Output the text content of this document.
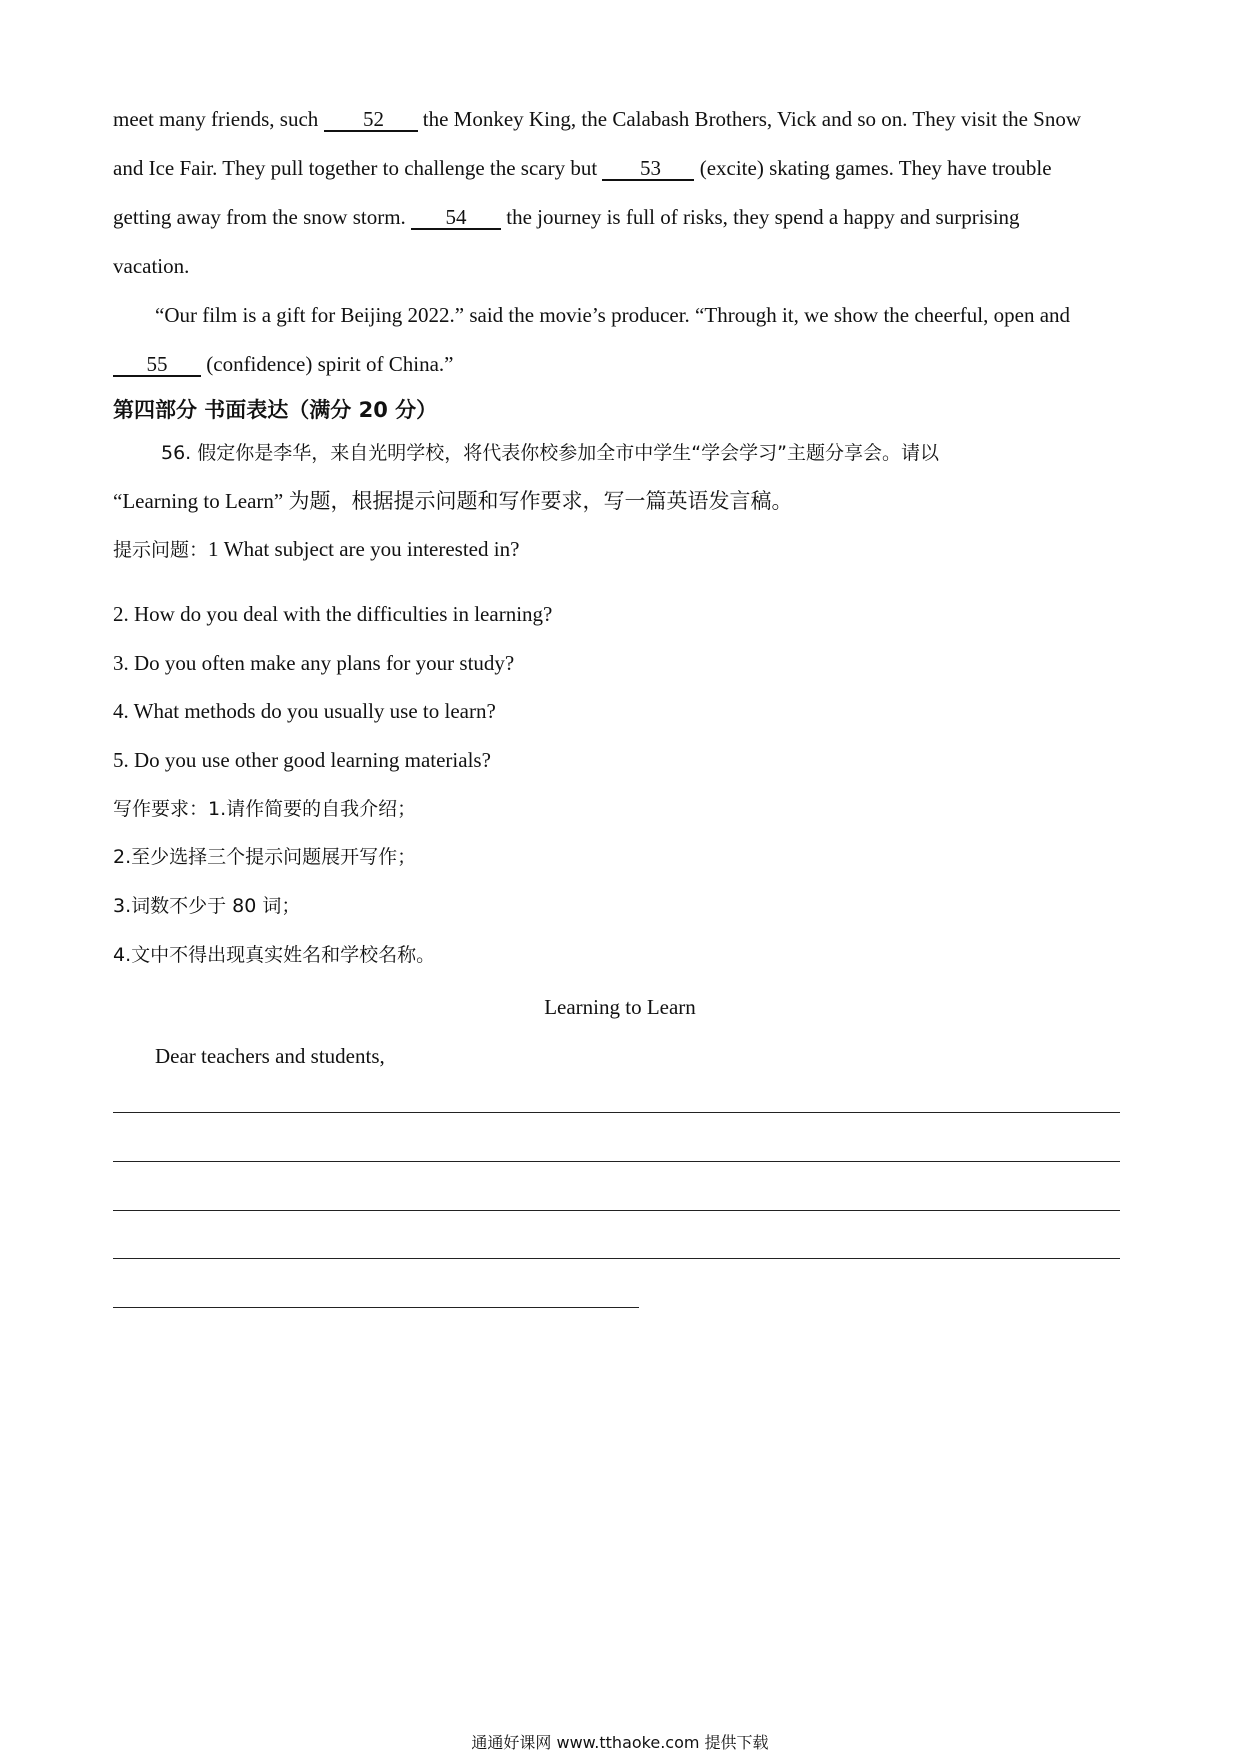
meet many friends, such 52 the Monkey King, the Calabash Brothers, Vick and so on. They visit the Snow
and Ice Fair. They pull together to challenge the scary but 53 (excite) skating games. They have trouble
getting away from the snow storm. 54 the journey is full of risks, they spend a happy and surprising
vacation.
“Our film is a gift for Beijing 2022.” said the movie’s producer. “Through it, we show the cheerful, open and
55 (confidence) spirit of China.”
第四部分 书面表达（满分 20 分）
56. 假定你是李华，来自光明学校，将代表你校参加全市中学生“学会学习”主题分享会。请以
“Learning to Learn” 为题，根据提示问题和写作要求，写一篇英语发言稿。
提示问题：1 What subject are you interested in?
2. How do you deal with the difficulties in learning?
3. Do you often make any plans for your study?
4. What methods do you usually use to learn?
5. Do you use other good learning materials?
写作要求：1.请作简要的自我介绍；
2.至少选择三个提示问题展开写作；
3.词数不少于 80 词；
4.文中不得出现真实姓名和学校名称。
Learning to Learn
Dear teachers and students,
通通好课网 www.tthaoke.com 提供下载
